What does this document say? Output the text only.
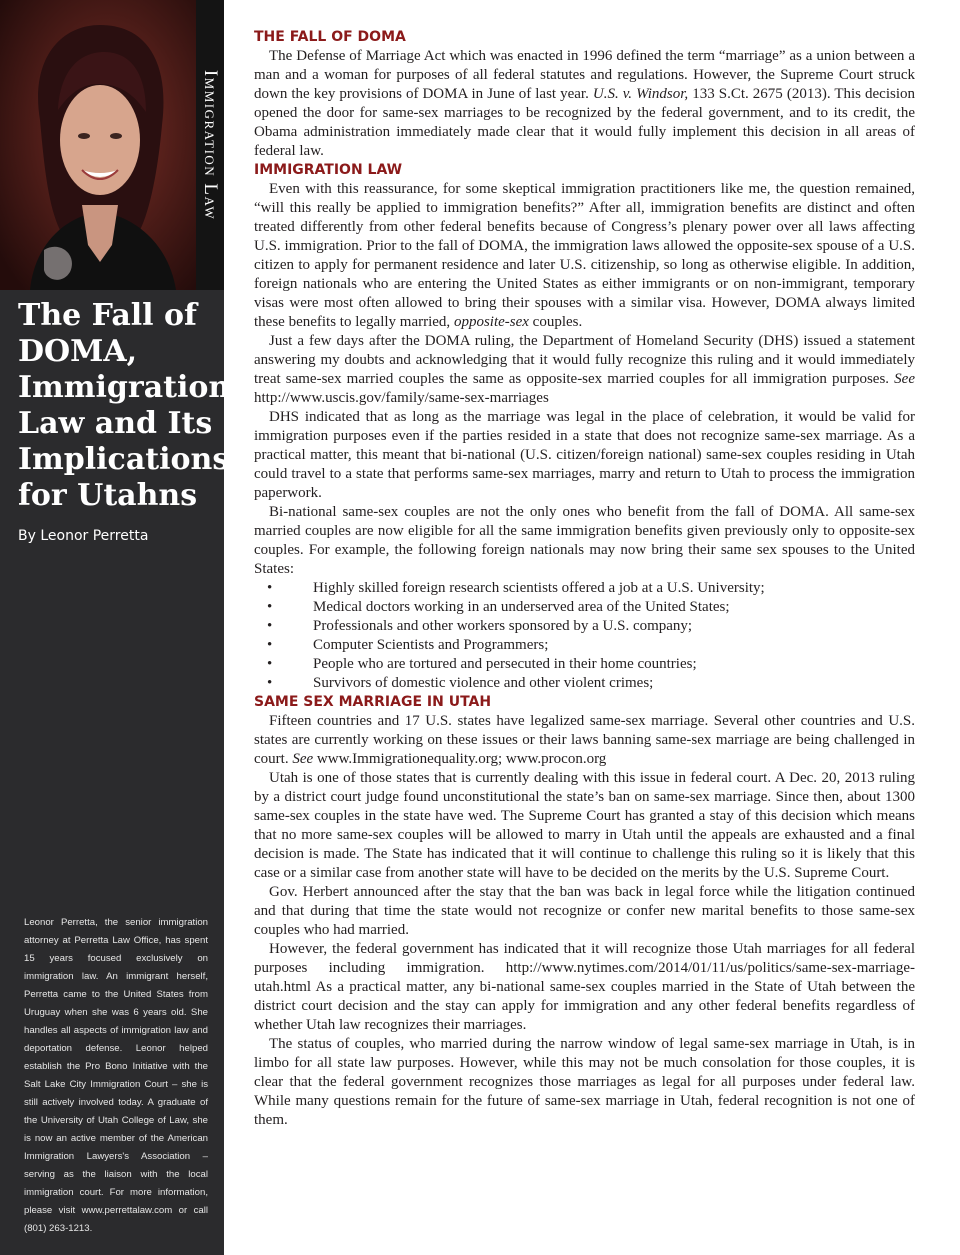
Immigration Law
The Fall of DOMA, Immigration Law and Its Implications for Utahns
By Leonor Perretta

Leonor Perretta, the senior immigration attorney at Perretta Law Office, has spent 15 years focused exclusively on immigration law. An immigrant herself, Perretta came to the United States from Uruguay when she was 6 years old. She handles all aspects of immigration law and deportation defense. Leonor helped establish the Pro Bono Initiative with the Salt Lake City Immigration Court – she is still actively involved today. A graduate of the University of Utah College of Law, she is now an active member of the American Immigration Lawyers's Association – serving as the liaison with the local immigration court. For more information, please visit www.perrettalaw.com or call (801) 263-1213.

THE FALL OF DOMA

The Defense of Marriage Act which was enacted in 1996 defined the term “marriage” as a union between a man and a woman for purposes of all federal statutes and regulations. However, the Supreme Court struck down the key provisions of DOMA in June of last year. U.S. v. Windsor, 133 S.Ct. 2675 (2013). This decision opened the door for same-sex marriages to be recognized by the federal government, and to its credit, the Obama administration immediately made clear that it would fully implement this decision in all areas of federal law.

IMMIGRATION LAW

Even with this reassurance, for some skeptical immigration practitioners like me, the question remained, “will this really be applied to immigration benefits?” After all, immigration benefits are distinct and often treated differently from other federal benefits because of Congress’s plenary power over all laws affecting U.S. immigration. Prior to the fall of DOMA, the immigration laws allowed the opposite-sex spouse of a U.S. citizen to apply for permanent residence and later U.S. citizenship, so long as otherwise eligible. In addition, foreign nationals who are entering the United States as either immigrants or on non-immigrant, temporary visas were most often allowed to bring their spouses with a similar visa. However, DOMA always limited these benefits to legally married, opposite-sex couples.

Just a few days after the DOMA ruling, the Department of Homeland Security (DHS) issued a statement answering my doubts and acknowledging that it would fully recognize this ruling and it would immediately treat same-sex married couples the same as opposite-sex married couples for all immigration purposes. See http://www.uscis.gov/family/same-sex-marriages

DHS indicated that as long as the marriage was legal in the place of celebration, it would be valid for immigration purposes even if the parties resided in a state that does not recognize same-sex marriage. As a practical matter, this meant that bi-national (U.S. citizen/foreign national) same-sex couples residing in Utah could travel to a state that performs same-sex marriages, marry and return to Utah to process the immigration paperwork.

Bi-national same-sex couples are not the only ones who benefit from the fall of DOMA. All same-sex married couples are now eligible for all the same immigration benefits given previously only to opposite-sex couples. For example, the following foreign nationals may now bring their same sex spouses to the United States:

• Highly skilled foreign research scientists offered a job at a U.S. University;
• Medical doctors working in an underserved area of the United States;
• Professionals and other workers sponsored by a U.S. company;
• Computer Scientists and Programmers;
• People who are tortured and persecuted in their home countries;
• Survivors of domestic violence and other violent crimes;
SAME SEX MARRIAGE IN UTAH

Fifteen countries and 17 U.S. states have legalized same-sex marriage. Several other countries and U.S. states are currently working on these issues or their laws banning same-sex marriage are being challenged in court. See www.Immigrationequality.org; www.procon.org

Utah is one of those states that is currently dealing with this issue in federal court. A Dec. 20, 2013 ruling by a district court judge found unconstitutional the state’s ban on same-sex marriage. Since then, about 1300 same-sex couples in the state have wed. The Supreme Court has granted a stay of this decision which means that no more same-sex couples will be allowed to marry in Utah until the appeals are exhausted and a final decision is made. The State has indicated that it will continue to challenge this ruling so it is likely that this case or a similar case from another state will have to be decided on the merits by the U.S. Supreme Court.

Gov. Herbert announced after the stay that the ban was back in legal force while the litigation continued and that during that time the state would not recognize or confer new marital benefits to those same-sex couples who had married.

However, the federal government has indicated that it will recognize those Utah marriages for all federal purposes including immigration. http://www.nytimes.com/2014/01/11/us/politics/same-sex-marriage-utah.html As a practical matter, any bi-national same-sex couples married in the State of Utah between the district court decision and the stay can apply for immigration and any other federal benefits regardless of whether Utah law recognizes their marriages.

The status of couples, who married during the narrow window of legal same-sex marriage in Utah, is in limbo for all state law purposes. However, while this may not be much consolation for those couples, it is clear that the federal government recognizes those marriages as legal for all purposes under federal law. While many questions remain for the future of same-sex marriage in Utah, federal recognition is not one of them.
